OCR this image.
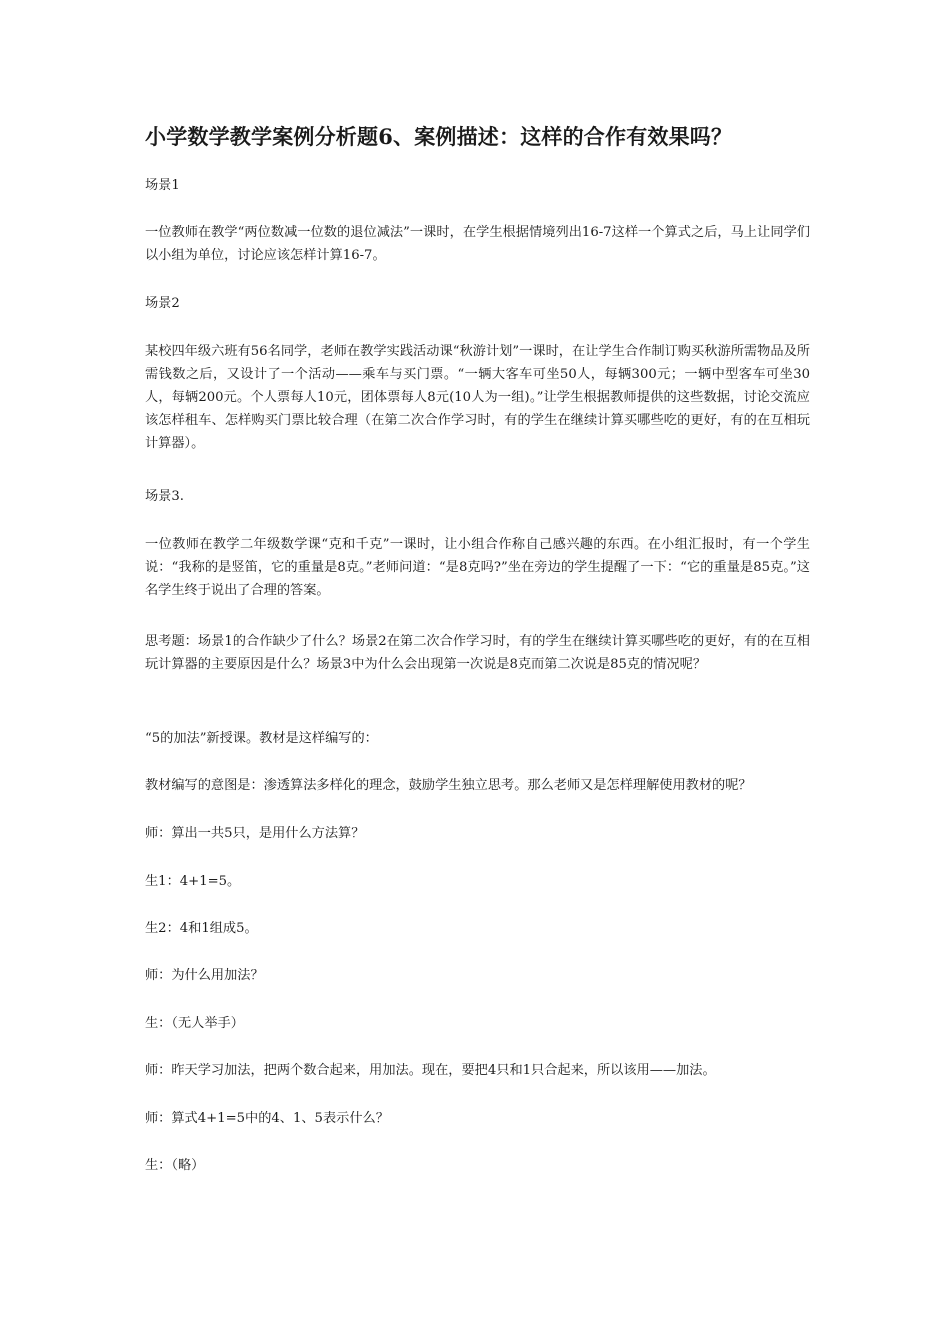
小学数学教学案例分析题6、案例描述：这样的合作有效果吗？
场景1
一位教师在教学“两位数减一位数的退位减法”一课时，在学生根据情境列出16-7这样一个算式之后，马上让同学们以小组为单位，讨论应该怎样计算16-7。
场景2
某校四年级六班有56名同学，老师在教学实践活动课“秋游计划”一课时，在让学生合作制订购买秋游所需物品及所需钱数之后，又设计了一个活动——乘车与买门票。“一辆大客车可坐50人，每辆300元；一辆中型客车可坐30人，每辆200元。个人票每人10元，团体票每人8元(10人为一组)。”让学生根据教师提供的这些数据，讨论交流应该怎样租车、怎样购买门票比较合理（在第二次合作学习时，有的学生在继续计算买哪些吃的更好，有的在互相玩计算器）。
场景3.
一位教师在教学二年级数学课“克和千克”一课时，让小组合作称自己感兴趣的东西。在小组汇报时，有一个学生说：“我称的是竖笛，它的重量是8克。”老师问道：“是8克吗?”坐在旁边的学生提醒了一下：“它的重量是85克。”这名学生终于说出了合理的答案。
思考题：场景1的合作缺少了什么？场景2在第二次合作学习时，有的学生在继续计算买哪些吃的更好，有的在互相玩计算器的主要原因是什么？场景3中为什么会出现第一次说是8克而第二次说是85克的情况呢？
“5的加法”新授课。教材是这样编写的：
教材编写的意图是：渗透算法多样化的理念，鼓励学生独立思考。那么老师又是怎样理解使用教材的呢？
师：算出一共5只，是用什么方法算？
生1：4+1=5。
生2：4和1组成5。
师：为什么用加法？
生：（无人举手）
师：昨天学习加法，把两个数合起来，用加法。现在，要把4只和1只合起来，所以该用——加法。
师：算式4+1=5中的4、1、5表示什么？
生：（略）
